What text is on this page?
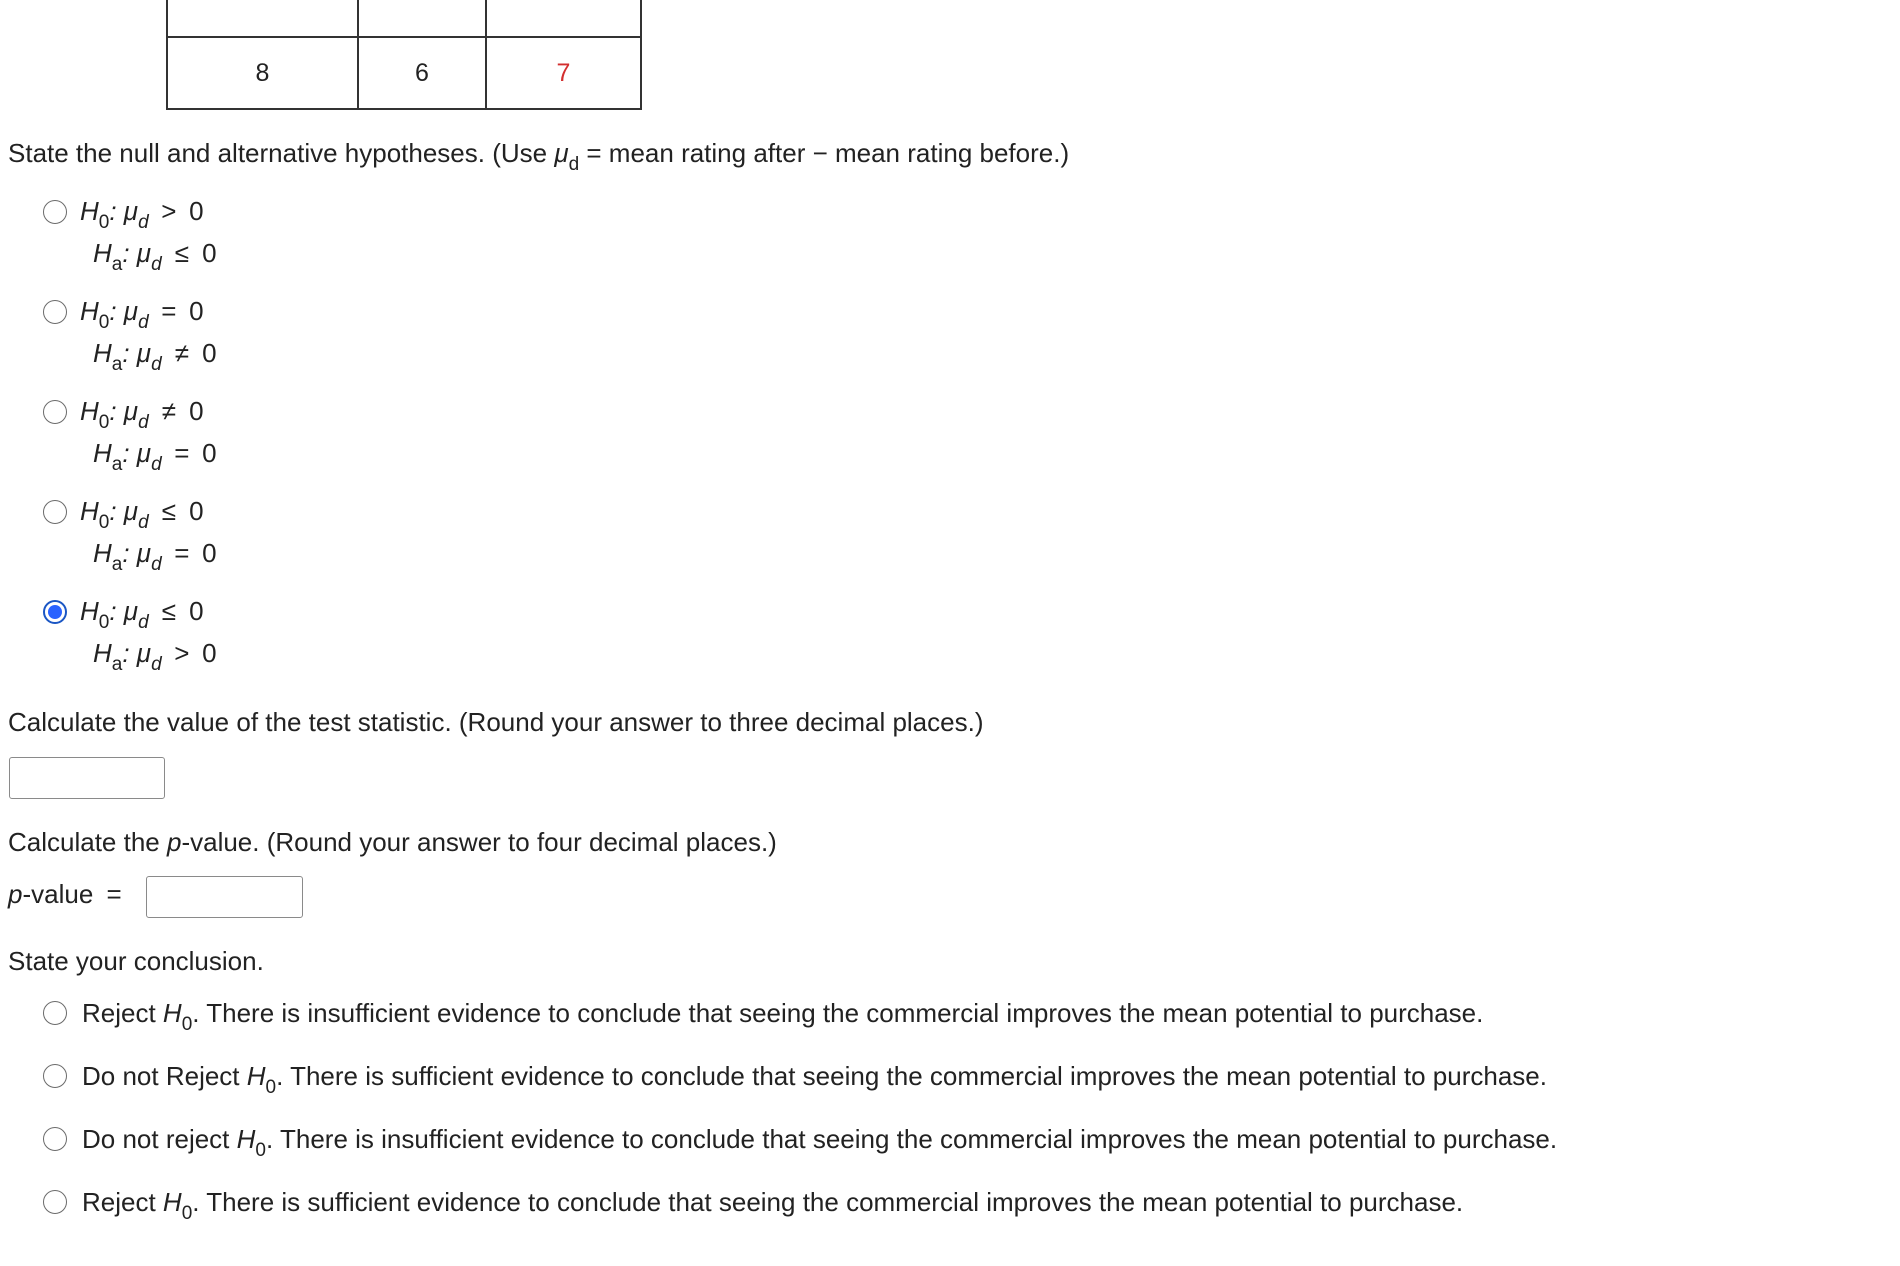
8	6	7
State the null and alternative hypotheses. (Use $\mu_d$ = mean rating after − mean rating before.)
$H_0$: $\mu_d > 0$
$H_a$: $\mu_d \le 0$
$H_0$: $\mu_d = 0$
$H_a$: $\mu_d \ne 0$
$H_0$: $\mu_d \ne 0$
$H_a$: $\mu_d = 0$
$H_0$: $\mu_d \le 0$
$H_a$: $\mu_d = 0$
$H_0$: $\mu_d \le 0$
$H_a$: $\mu_d > 0$
Calculate the value of the test statistic. (Round your answer to three decimal places.)
Calculate the p-value. (Round your answer to four decimal places.)
p-value =
State your conclusion.
Reject $H_0$. There is insufficient evidence to conclude that seeing the commercial improves the mean potential to purchase.
Do not Reject $H_0$. There is sufficient evidence to conclude that seeing the commercial improves the mean potential to purchase.
Do not reject $H_0$. There is insufficient evidence to conclude that seeing the commercial improves the mean potential to purchase.
Reject $H_0$. There is sufficient evidence to conclude that seeing the commercial improves the mean potential to purchase.
